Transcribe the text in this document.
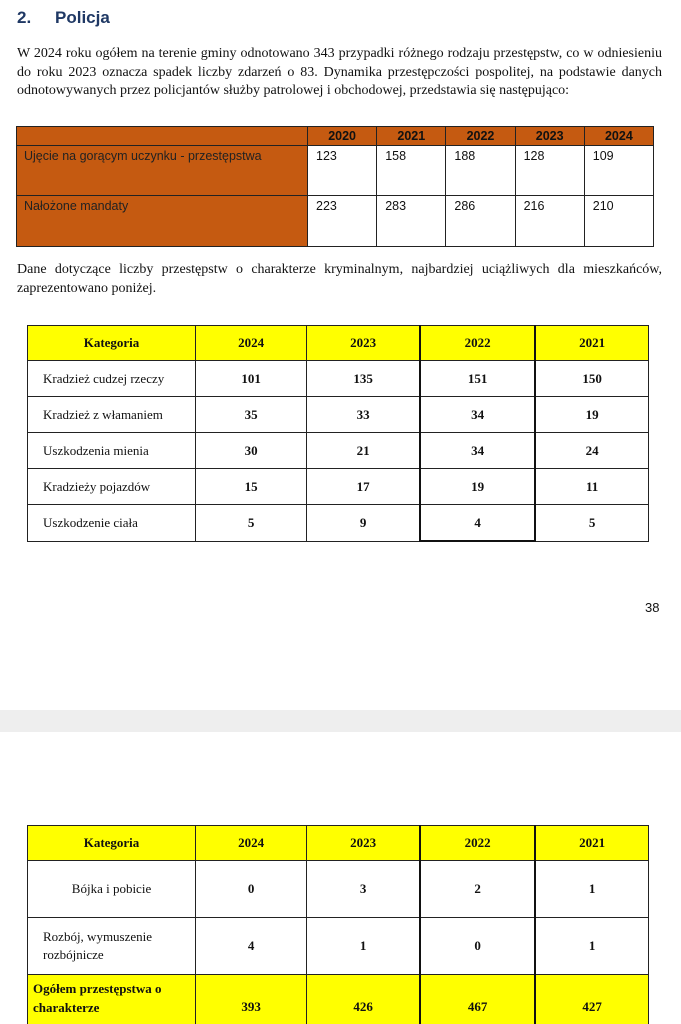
2. Policja
W 2024 roku ogółem na terenie gminy odnotowano 343 przypadki różnego rodzaju przestępstw, co w odniesieniu do roku 2023 oznacza spadek liczby zdarzeń o 83. Dynamika przestępczości pospolitej, na podstawie danych odnotowywanych przez policjantów służby patrolowej i obchodowej, przedstawia się następująco:
	2020	2021	2022	2023	2024
Ujęcie na gorącym uczynku - przestępstwa	123	158	188	128	109
Nałożone mandaty	223	283	286	216	210
Dane dotyczące liczby przestępstw o charakterze kryminalnym, najbardziej uciążliwych dla mieszkańców, zaprezentowano poniżej.
Kategoria	2024	2023	2022	2021
Kradzież cudzej rzeczy	101	135	151	150
Kradzież z włamaniem	35	33	34	19
Uszkodzenia mienia	30	21	34	24
Kradzieży pojazdów	15	17	19	11
Uszkodzenie ciała	5	9	4	5
38
Kategoria	2024	2023	2022	2021
Bójka i pobicie	0	3	2	1
Rozbój, wymuszenie rozbójnicze	4	1	0	1
Ogółem przestępstwa o charakterze	393	426	467	427
